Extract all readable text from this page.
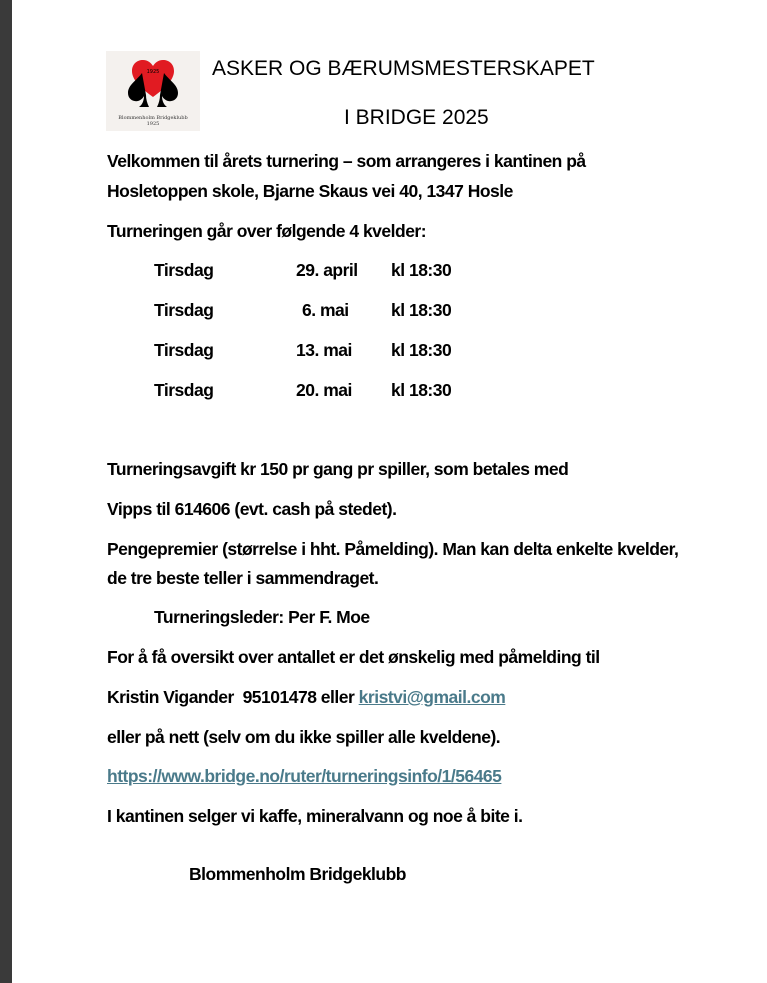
1925
Blommenholm Bridgeklubb
1925
ASKER OG BÆRUMSMESTERSKAPET
I BRIDGE 2025
Velkommen til årets turnering – som arrangeres i kantinen på
Hosletoppen skole, Bjarne Skaus vei 40, 1347 Hosle
Turneringen går over følgende 4 kvelder:
Tirsdag	29. april kl 18:30
Tirsdag	6. mai kl 18:30
Tirsdag	13. mai kl 18:30
Tirsdag	20. mai kl 18:30
Turneringsavgift kr 150 pr gang pr spiller, som betales med
Vipps til 614606 (evt. cash på stedet).
Pengepremier (størrelse i hht. Påmelding). Man kan delta enkelte kvelder,
de tre beste teller i sammendraget.
Turneringsleder: Per F. Moe
For å få oversikt over antallet er det ønskelig med påmelding til
Kristin Vigander  95101478 eller kristvi@gmail.com
eller på nett (selv om du ikke spiller alle kveldene).
https://www.bridge.no/ruter/turneringsinfo/1/56465
I kantinen selger vi kaffe, mineralvann og noe å bite i.
Blommenholm Bridgeklubb
